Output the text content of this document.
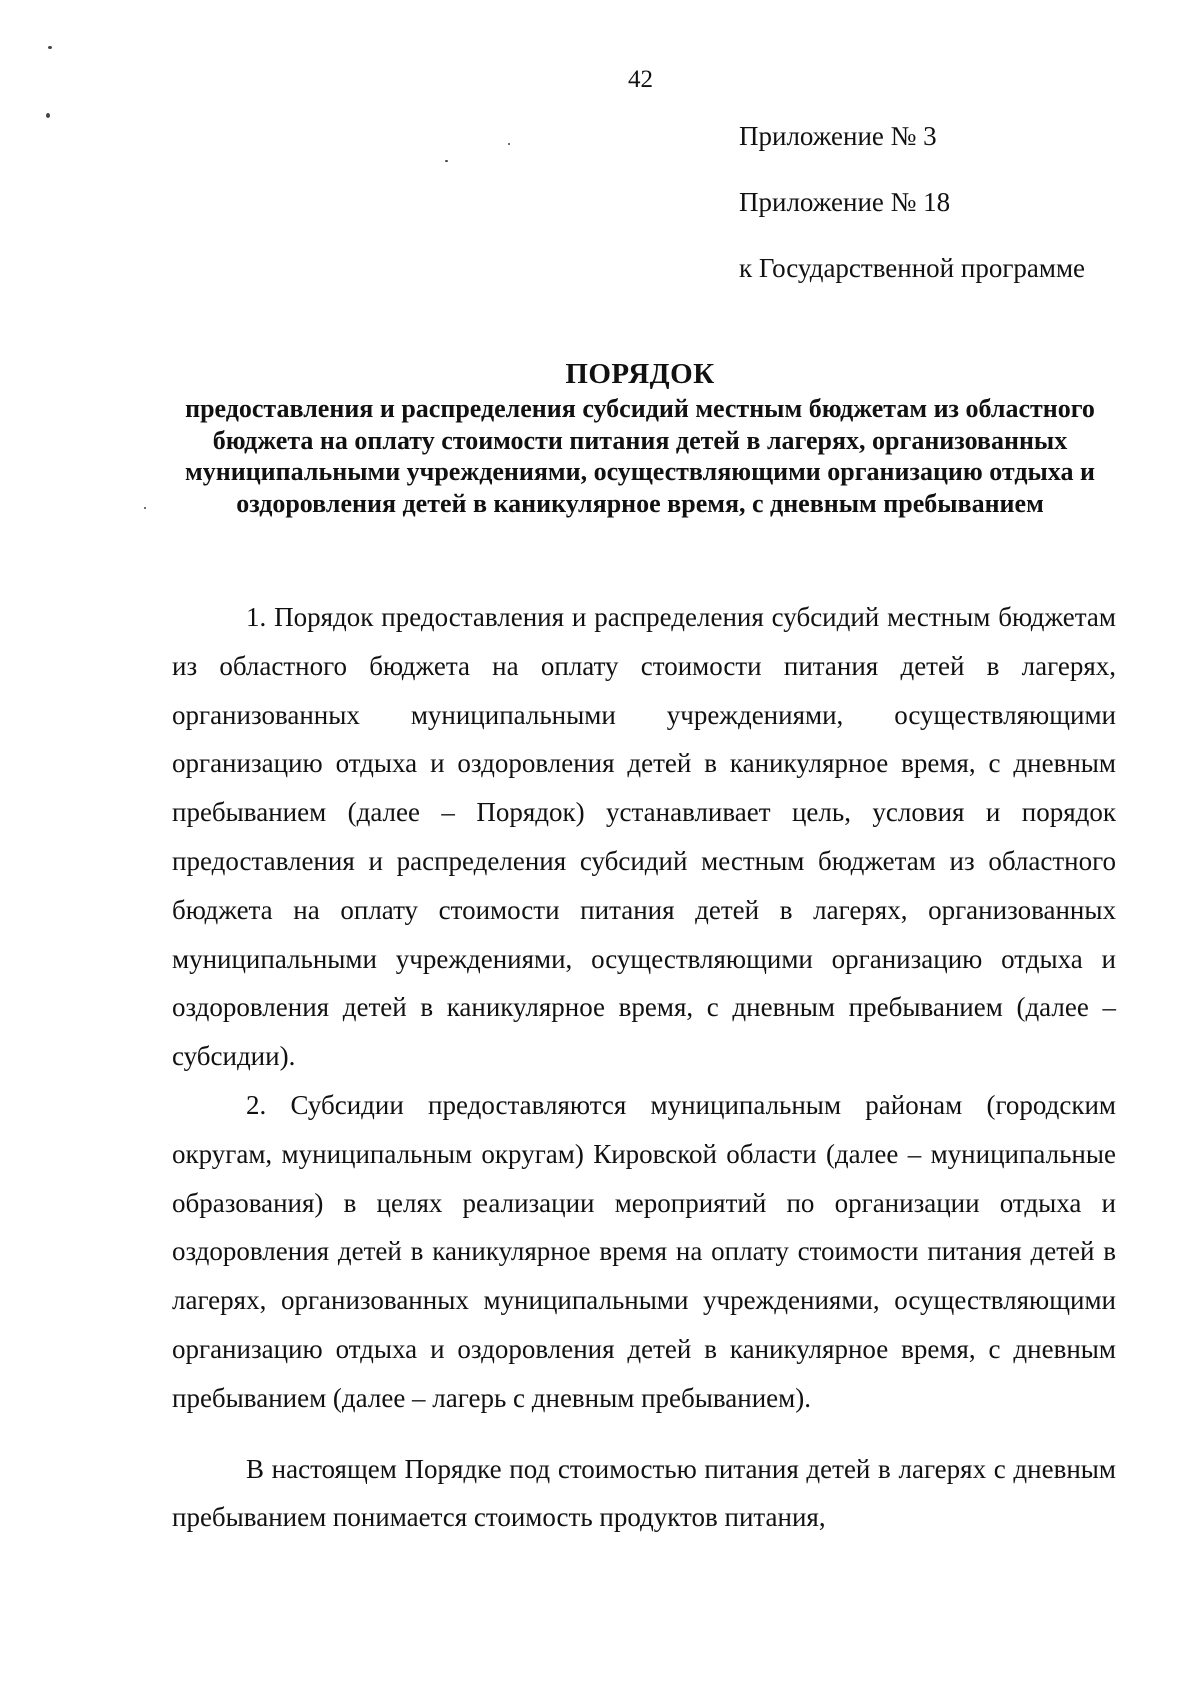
42
Приложение № 3
Приложение № 18
к Государственной программе
ПОРЯДОК
предоставления и распределения субсидий местным бюджетам из областного бюджета на оплату стоимости питания детей в лагерях, организованных муниципальными учреждениями, осуществляющими организацию отдыха и оздоровления детей в каникулярное время, с дневным пребыванием

1. Порядок предоставления и распределения субсидий местным бюджетам из областного бюджета на оплату стоимости питания детей в лагерях, организованных муниципальными учреждениями, осуществляющими организацию отдыха и оздоровления детей в каникулярное время, с дневным пребыванием (далее – Порядок) устанавливает цель, условия и порядок предоставления и распределения субсидий местным бюджетам из областного бюджета на оплату стоимости питания детей в лагерях, организованных муниципальными учреждениями, осуществляющими организацию отдыха и оздоровления детей в каникулярное время, с дневным пребыванием (далее – субсидии).

2. Субсидии предоставляются муниципальным районам (городским округам, муниципальным округам) Кировской области (далее – муниципальные образования) в целях реализации мероприятий по организации отдыха и оздоровления детей в каникулярное время на оплату стоимости питания детей в лагерях, организованных муниципальными учреждениями, осуществляющими организацию отдыха и оздоровления детей в каникулярное время, с дневным пребыванием (далее – лагерь с дневным пребыванием).

В настоящем Порядке под стоимостью питания детей в лагерях с дневным пребыванием понимается стоимость продуктов питания,
